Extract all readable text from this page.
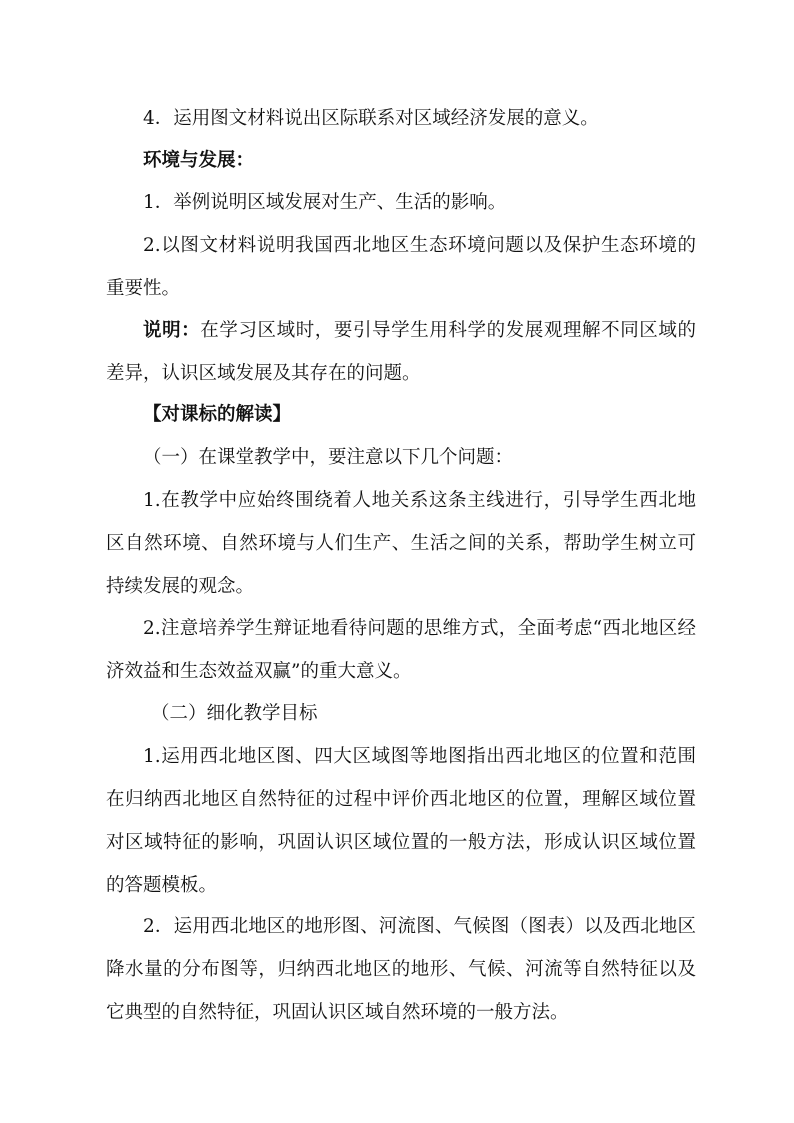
4．运用图文材料说出区际联系对区域经济发展的意义。

环境与发展：

1．举例说明区域发展对生产、生活的影响。

2.以图文材料说明我国西北地区生态环境问题以及保护生态环境的重要性。

说明：在学习区域时，要引导学生用科学的发展观理解不同区域的差异，认识区域发展及其存在的问题。

【对课标的解读】

（一）在课堂教学中，要注意以下几个问题：

1.在教学中应始终围绕着人地关系这条主线进行，引导学生西北地区自然环境、自然环境与人们生产、生活之间的关系，帮助学生树立可持续发展的观念。

2.注意培养学生辩证地看待问题的思维方式，全面考虑“西北地区经济效益和生态效益双赢”的重大意义。

（二）细化教学目标

1.运用西北地区图、四大区域图等地图指出西北地区的位置和范围在归纳西北地区自然特征的过程中评价西北地区的位置，理解区域位置对区域特征的影响，巩固认识区域位置的一般方法，形成认识区域位置的答题模板。

2．运用西北地区的地形图、河流图、气候图（图表）以及西北地区降水量的分布图等，归纳西北地区的地形、气候、河流等自然特征以及它典型的自然特征，巩固认识区域自然环境的一般方法。
